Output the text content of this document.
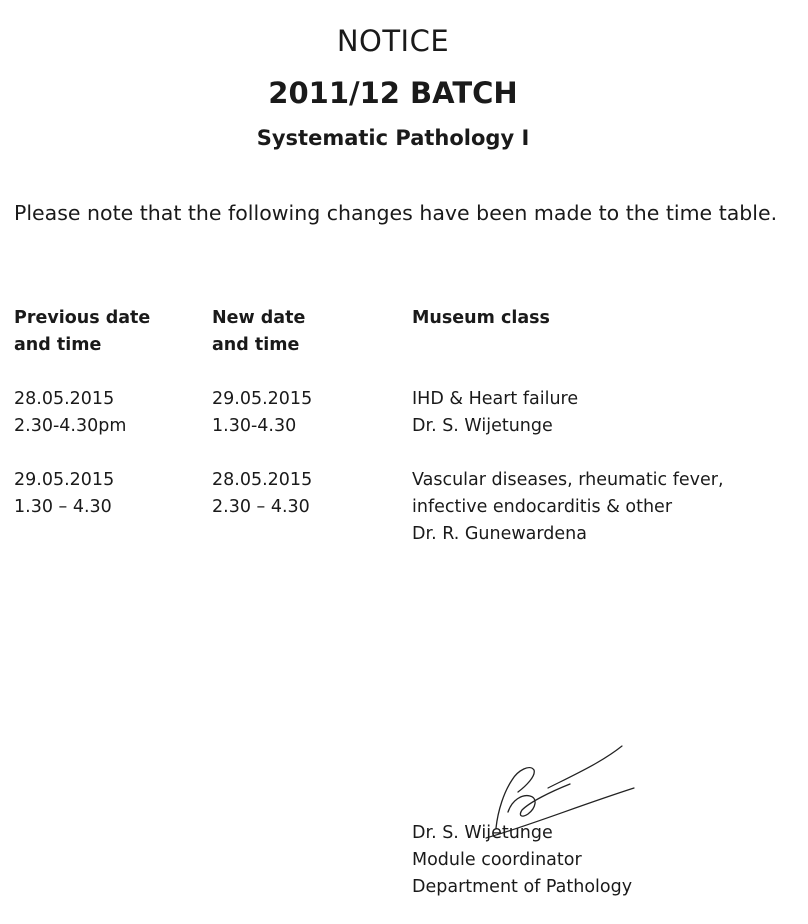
NOTICE
2011/12 BATCH
Systematic Pathology I
Please note that the following changes have been made to the time table.
Previous date
and time
New date
and time
Museum class
28.05.2015
2.30-4.30pm
29.05.2015
1.30-4.30
IHD & Heart failure
Dr. S. Wijetunge
29.05.2015
1.30 – 4.30
28.05.2015
2.30 – 4.30
Vascular diseases, rheumatic fever,
infective endocarditis & other
Dr. R. Gunewardena
Dr. S. Wijetunge
Module coordinator
Department of Pathology
